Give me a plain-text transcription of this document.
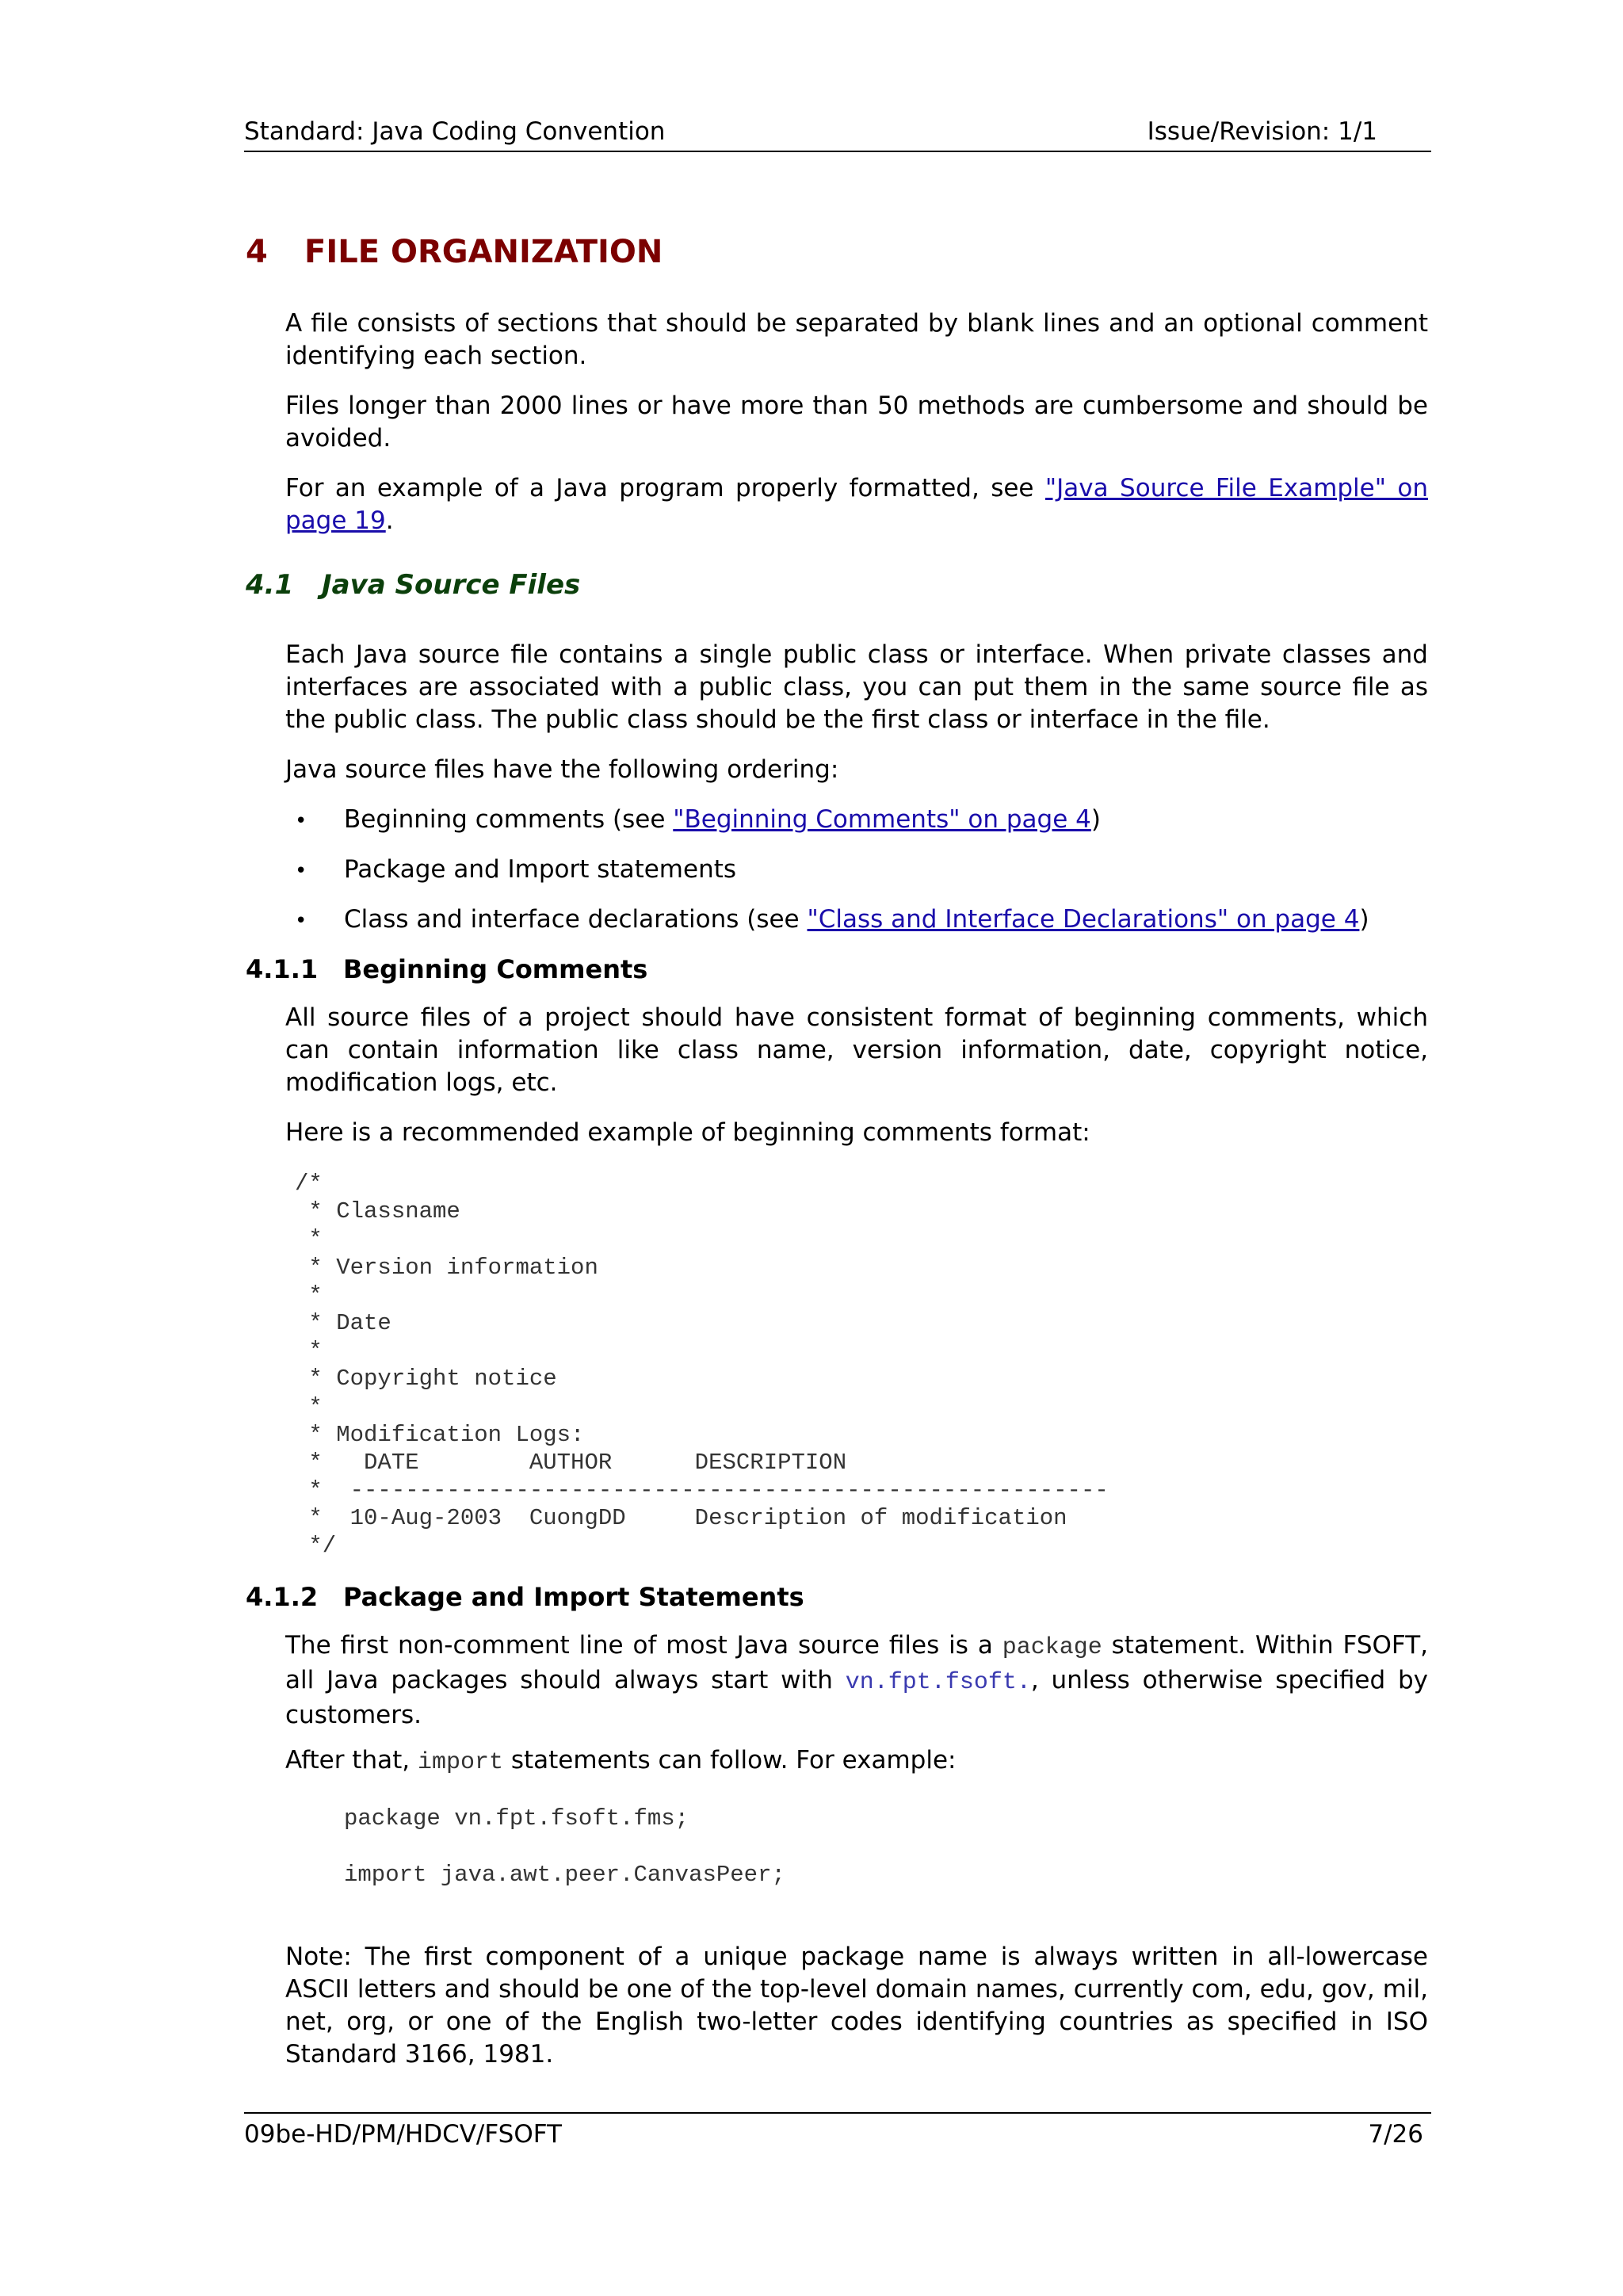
Standard: Java Coding Convention	Issue/Revision: 1/1
4 FILE ORGANIZATION
A file consists of sections that should be separated by blank lines and an optional comment identifying each section.
Files longer than 2000 lines or have more than 50 methods are cumbersome and should be avoided.
For an example of a Java program properly formatted, see "Java Source File Example" on page 19.
4.1 Java Source Files
Each Java source file contains a single public class or interface. When private classes and interfaces are associated with a public class, you can put them in the same source file as the public class. The public class should be the first class or interface in the file.
Java source files have the following ordering:
• Beginning comments (see "Beginning Comments" on page 4)
• Package and Import statements
• Class and interface declarations (see "Class and Interface Declarations" on page 4)
4.1.1 Beginning Comments
All source files of a project should have consistent format of beginning comments, which can contain information like class name, version information, date, copyright notice, modification logs, etc.
Here is a recommended example of beginning comments format:
/*
* Classname
*
* Version information
*
* Date
*
* Copyright notice
*
* Modification Logs:
*   DATE        AUTHOR      DESCRIPTION
*  -------------------------------------------------------
*  10-Aug-2003  CuongDD     Description of modification
*/
4.1.2 Package and Import Statements
The first non-comment line of most Java source files is a package statement. Within FSOFT, all Java packages should always start with vn.fpt.fsoft., unless otherwise specified by customers.
After that, import statements can follow. For example:
package vn.fpt.fsoft.fms;
import java.awt.peer.CanvasPeer;
Note: The first component of a unique package name is always written in all-lowercase ASCII letters and should be one of the top-level domain names, currently com, edu, gov, mil, net, org, or one of the English two-letter codes identifying countries as specified in ISO Standard 3166, 1981.
09be-HD/PM/HDCV/FSOFT	7/26
